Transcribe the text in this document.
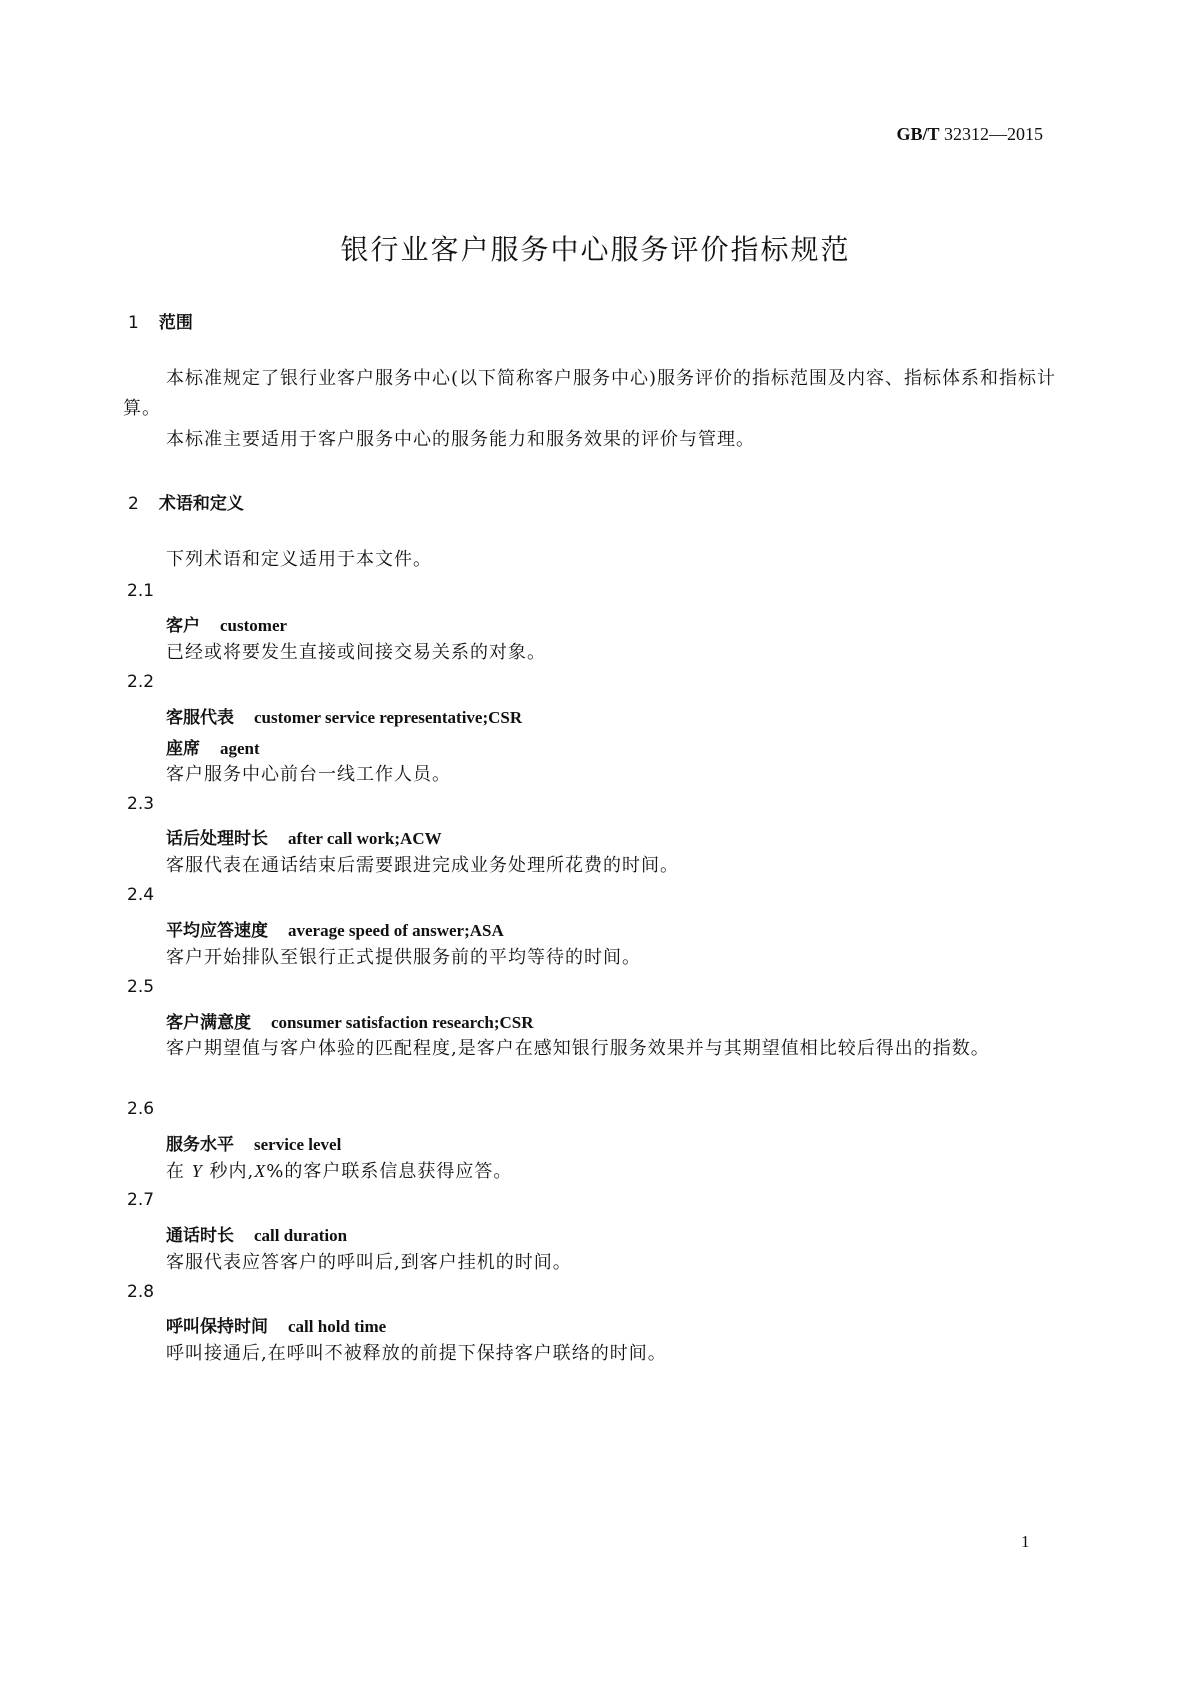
GB/T 32312—2015
银行业客户服务中心服务评价指标规范
1 范围
本标准规定了银行业客户服务中心(以下简称客户服务中心)服务评价的指标范围及内容、指标体系和指标计算。
本标准主要适用于客户服务中心的服务能力和服务效果的评价与管理。
2 术语和定义
下列术语和定义适用于本文件。
2.1
客户 customer
已经或将要发生直接或间接交易关系的对象。
2.2
客服代表 customer service representative;CSR
座席 agent
客户服务中心前台一线工作人员。
2.3
话后处理时长 after call work;ACW
客服代表在通话结束后需要跟进完成业务处理所花费的时间。
2.4
平均应答速度 average speed of answer;ASA
客户开始排队至银行正式提供服务前的平均等待的时间。
2.5
客户满意度 consumer satisfaction research;CSR
客户期望值与客户体验的匹配程度,是客户在感知银行服务效果并与其期望值相比较后得出的指数。
2.6
服务水平 service level
在 Y 秒内,X%的客户联系信息获得应答。
2.7
通话时长 call duration
客服代表应答客户的呼叫后,到客户挂机的时间。
2.8
呼叫保持时间 call hold time
呼叫接通后,在呼叫不被释放的前提下保持客户联络的时间。
1
